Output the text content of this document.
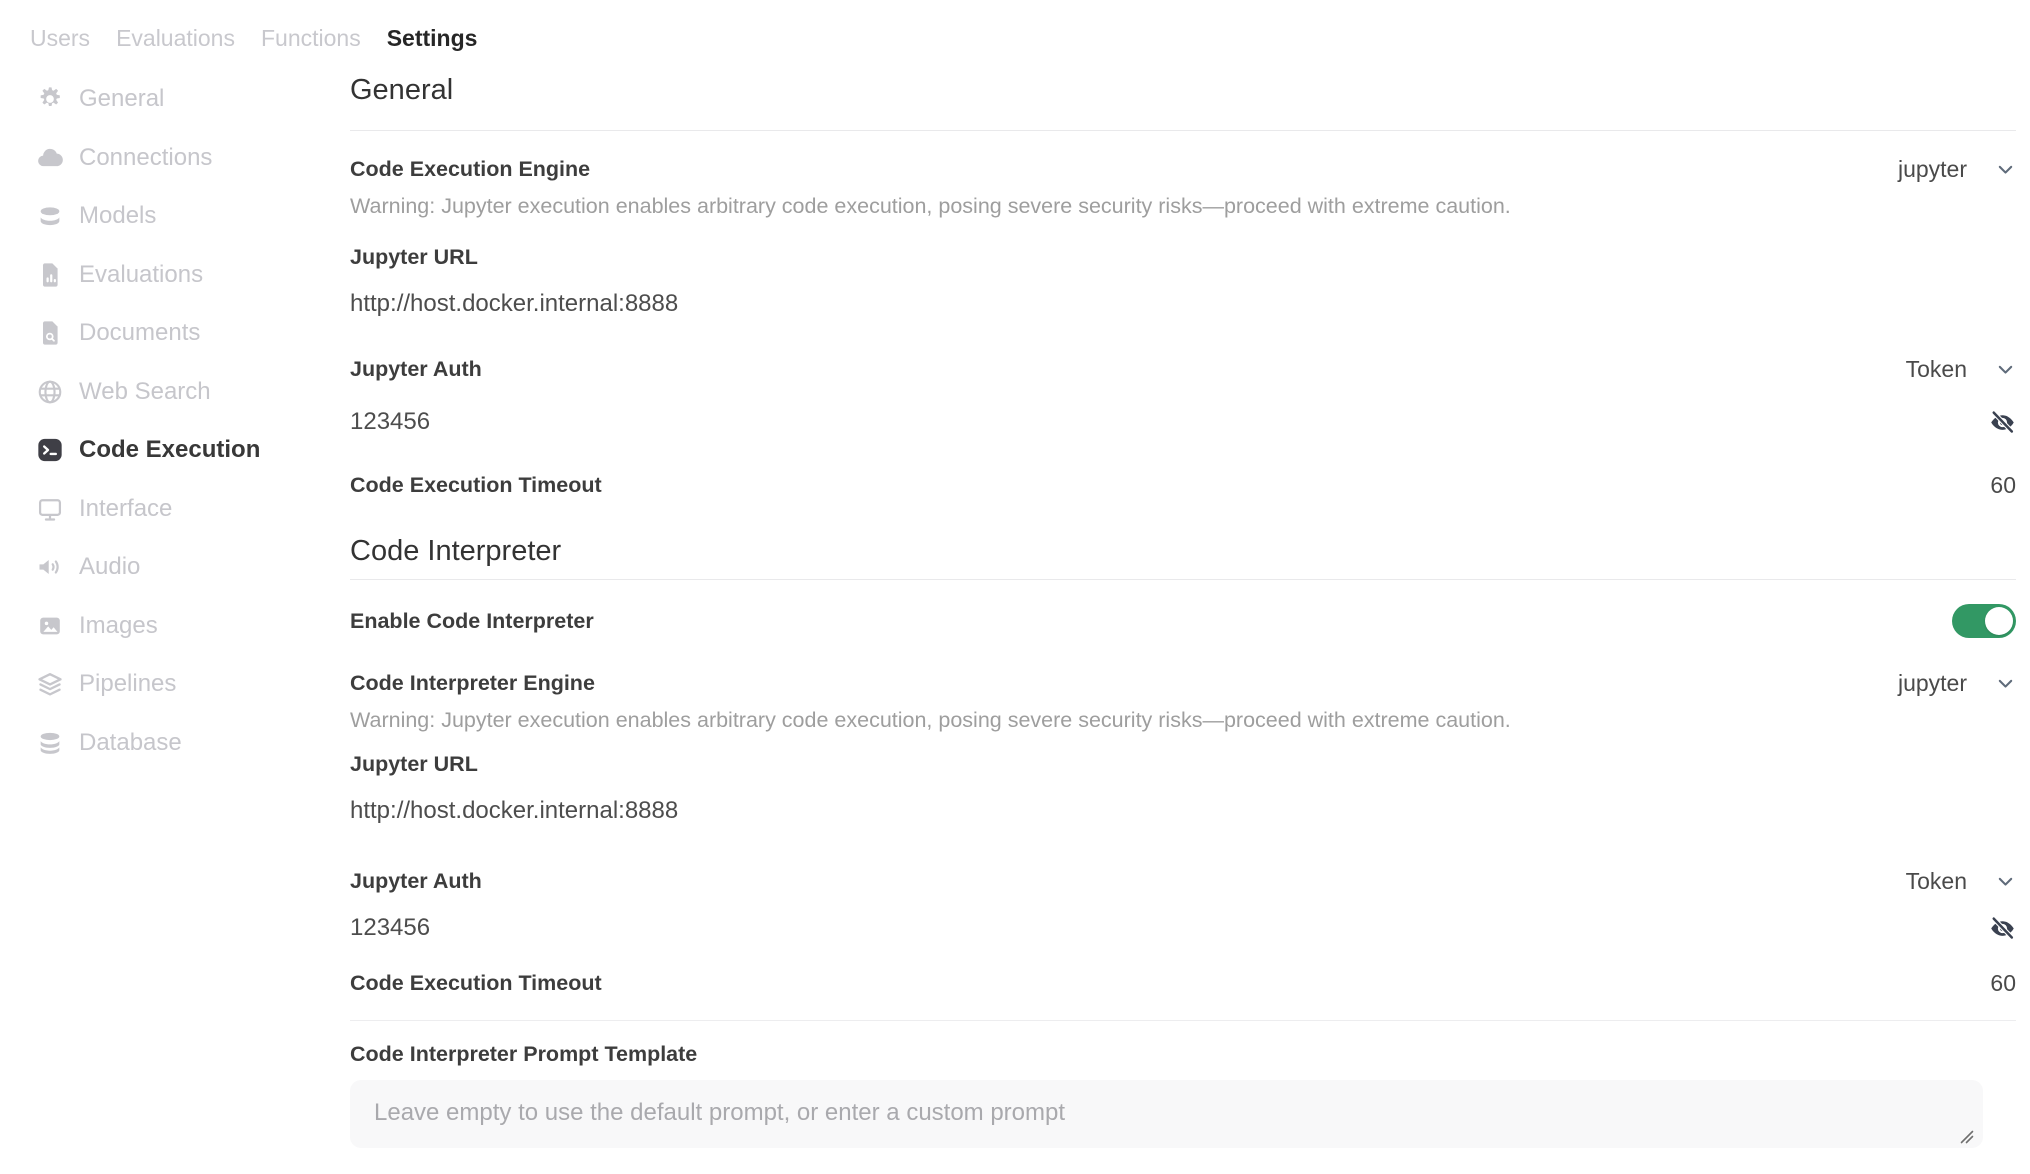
Users Evaluations Functions Settings
General
Connections
Models
Evaluations
Documents
Web Search
Code Execution
Interface
Audio
Images
Pipelines
Database
General
Code Execution Engine	jupyter

Warning: Jupyter execution enables arbitrary code execution, posing severe security risks—proceed with extreme caution.

Jupyter URL
http://host.docker.internal:8888
Jupyter Auth	Token
123456
Code Execution Timeout	60
Code Interpreter
Enable Code Interpreter
Code Interpreter Engine	jupyter

Warning: Jupyter execution enables arbitrary code execution, posing severe security risks—proceed with extreme caution.

Jupyter URL
http://host.docker.internal:8888
Jupyter Auth	Token
123456
Code Execution Timeout	60
Code Interpreter Prompt Template
Leave empty to use the default prompt, or enter a custom prompt
